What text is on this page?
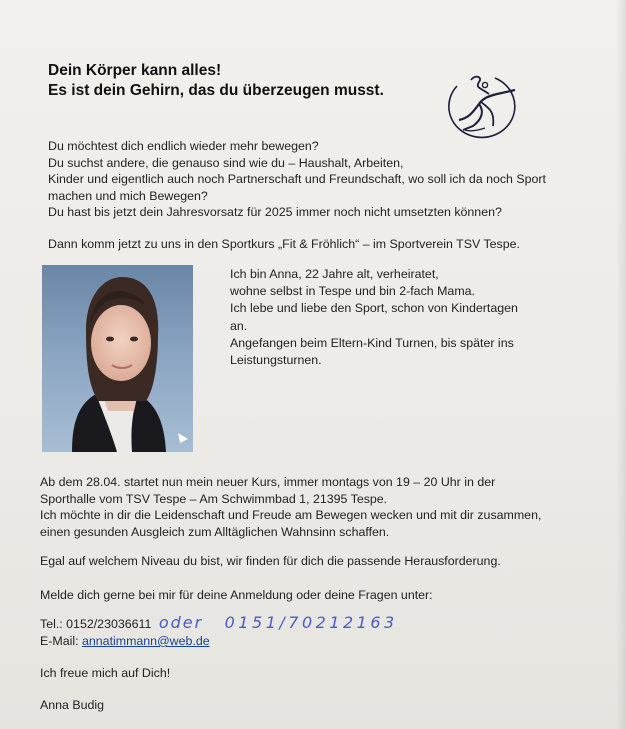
Dein Körper kann alles!

Es ist dein Gehirn, das du überzeugen musst.

Du möchtest dich endlich wieder mehr bewegen?

Du suchst andere, die genauso sind wie du – Haushalt, Arbeiten,

Kinder und eigentlich auch noch Partnerschaft und Freundschaft, wo soll ich da noch Sport

machen und mich Bewegen?

Du hast bis jetzt dein Jahresvorsatz für 2025 immer noch nicht umsetzten können?

Dann komm jetzt zu uns in den Sportkurs „Fit & Fröhlich“ – im Sportverein TSV Tespe.

Ich bin Anna, 22 Jahre alt, verheiratet,

wohne selbst in Tespe und bin 2-fach Mama.

Ich lebe und liebe den Sport, schon von Kindertagen

an.

Angefangen beim Eltern-Kind Turnen, bis später ins

Leistungsturnen.

Ab dem 28.04. startet nun mein neuer Kurs, immer montags von 19 – 20 Uhr in der

Sporthalle vom TSV Tespe – Am Schwimmbad 1, 21395 Tespe.

Ich möchte in dir die Leidenschaft und Freude am Bewegen wecken und mit dir zusammen,

einen gesunden Ausgleich zum Alltäglichen Wahnsinn schaffen.

Egal auf welchem Niveau du bist, wir finden für dich die passende Herausforderung.

Melde dich gerne bei mir für deine Anmeldung oder deine Fragen unter:

Tel.: 0152/23036611 oder 0151/70212163

E-Mail: annatimmann@web.de

Ich freue mich auf Dich!
Anna Budig
